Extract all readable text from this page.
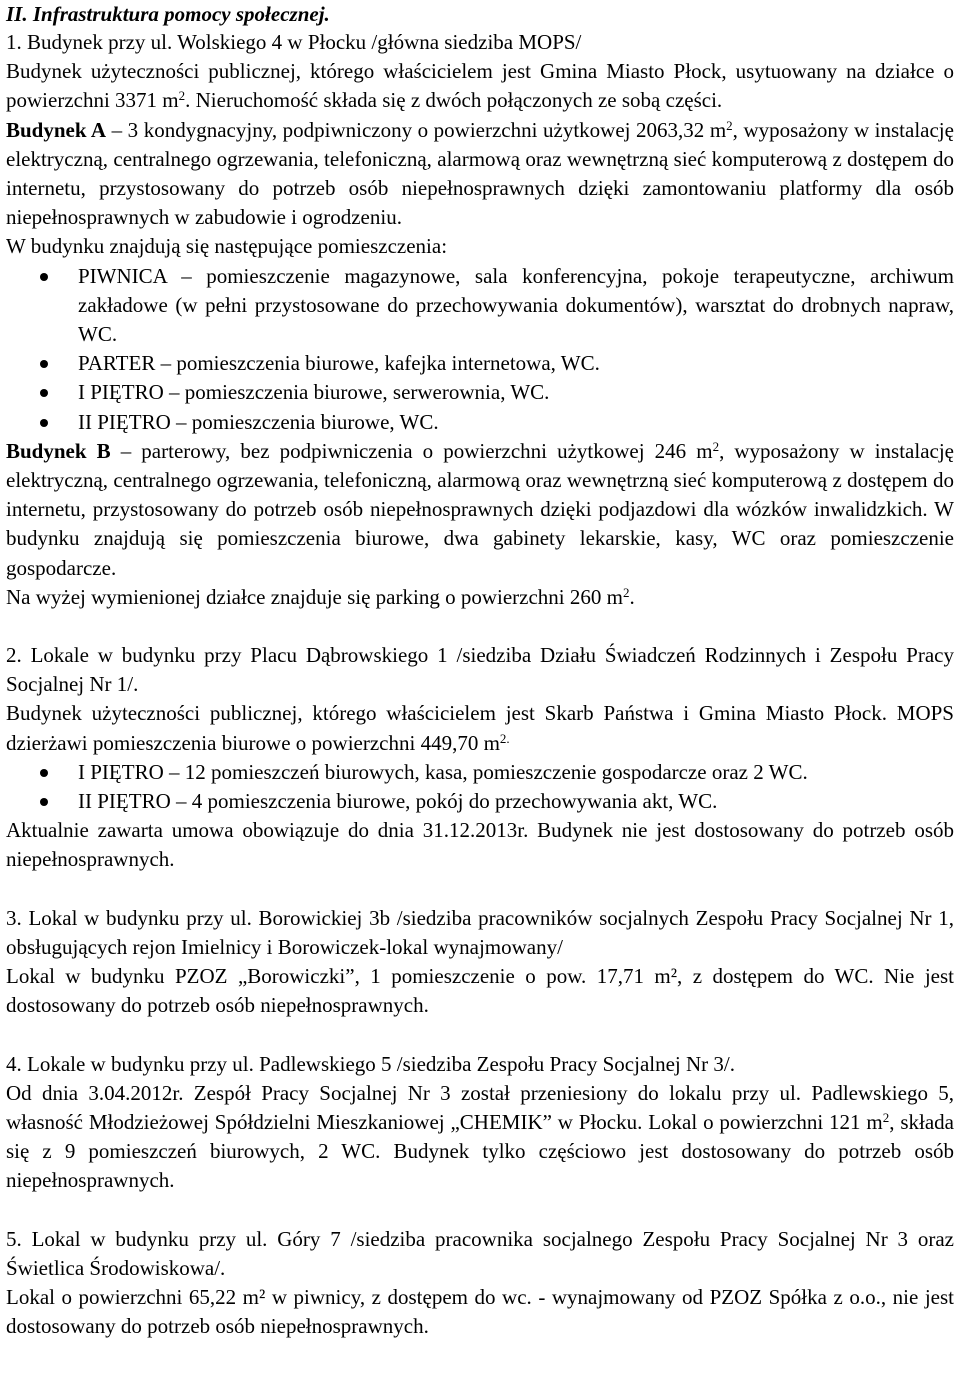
II. Infrastruktura pomocy społecznej.

1. Budynek przy ul. Wolskiego 4 w Płocku /główna siedziba MOPS/

Budynek użyteczności publicznej, którego właścicielem jest Gmina Miasto Płock, usytuowany na działce o powierzchni 3371 $m^2$. Nieruchomość składa się z dwóch połączonych ze sobą części.

Budynek A – 3 kondygnacyjny, podpiwniczony o powierzchni użytkowej 2063,32 $m^2$, wyposażony w instalację elektryczną, centralnego ogrzewania, telefoniczną, alarmową oraz wewnętrzną sieć komputerową z dostępem do internetu, przystosowany do potrzeb osób niepełnosprawnych dzięki zamontowaniu platformy dla osób niepełnosprawnych w zabudowie i ogrodzeniu.

W budynku znajdują się następujące pomieszczenia:

PIWNICA – pomieszczenie magazynowe, sala konferencyjna, pokoje terapeutyczne, archiwum zakładowe (w pełni przystosowane do przechowywania dokumentów), warsztat do drobnych napraw, WC.
PARTER – pomieszczenia biurowe, kafejka internetowa, WC.
I PIĘTRO – pomieszczenia biurowe, serwerownia, WC.
II PIĘTRO – pomieszczenia biurowe, WC.

Budynek B – parterowy, bez podpiwniczenia o powierzchni użytkowej 246 $m^2$, wyposażony w instalację elektryczną, centralnego ogrzewania, telefoniczną, alarmową oraz wewnętrzną sieć komputerową z dostępem do internetu, przystosowany do potrzeb osób niepełnosprawnych dzięki podjazdowi dla wózków inwalidzkich. W budynku znajdują się pomieszczenia biurowe, dwa gabinety lekarskie, kasy, WC oraz pomieszczenie gospodarcze.

Na wyżej wymienionej działce znajduje się parking o powierzchni 260 $m^2$.

2. Lokale w budynku przy Placu Dąbrowskiego 1 /siedziba Działu Świadczeń Rodzinnych i Zespołu Pracy Socjalnej Nr 1/.

Budynek użyteczności publicznej, którego właścicielem jest Skarb Państwa i Gmina Miasto Płock. MOPS dzierżawi pomieszczenia biurowe o powierzchni 449,70 $m^{2.}$

I PIĘTRO – 12 pomieszczeń biurowych, kasa, pomieszczenie gospodarcze oraz 2 WC.
II PIĘTRO – 4 pomieszczenia biurowe, pokój do przechowywania akt, WC.

Aktualnie zawarta umowa obowiązuje do dnia 31.12.2013r. Budynek nie jest dostosowany do potrzeb osób niepełnosprawnych.

3. Lokal w budynku przy ul. Borowickiej 3b /siedziba pracowników socjalnych Zespołu Pracy Socjalnej Nr 1, obsługujących rejon Imielnicy i Borowiczek-lokal wynajmowany/

Lokal w budynku PZOZ „Borowiczki”, 1 pomieszczenie o pow. 17,71 m², z dostępem do WC. Nie jest dostosowany do potrzeb osób niepełnosprawnych.

4. Lokale w budynku przy ul. Padlewskiego 5 /siedziba Zespołu Pracy Socjalnej Nr 3/.

Od dnia 3.04.2012r. Zespół Pracy Socjalnej Nr 3 został przeniesiony do lokalu przy ul. Padlewskiego 5, własność Młodzieżowej Spółdzielni Mieszkaniowej „CHEMIK” w Płocku. Lokal o powierzchni 121 $m^2$, składa się z 9 pomieszczeń biurowych, 2 WC. Budynek tylko częściowo jest dostosowany do potrzeb osób niepełnosprawnych.

5. Lokal w budynku przy ul. Góry 7 /siedziba pracownika socjalnego Zespołu Pracy Socjalnej Nr 3 oraz Świetlica Środowiskowa/.

Lokal o powierzchni 65,22 m² w piwnicy, z dostępem do wc. - wynajmowany od PZOZ Spółka z o.o., nie jest dostosowany do potrzeb osób niepełnosprawnych.
